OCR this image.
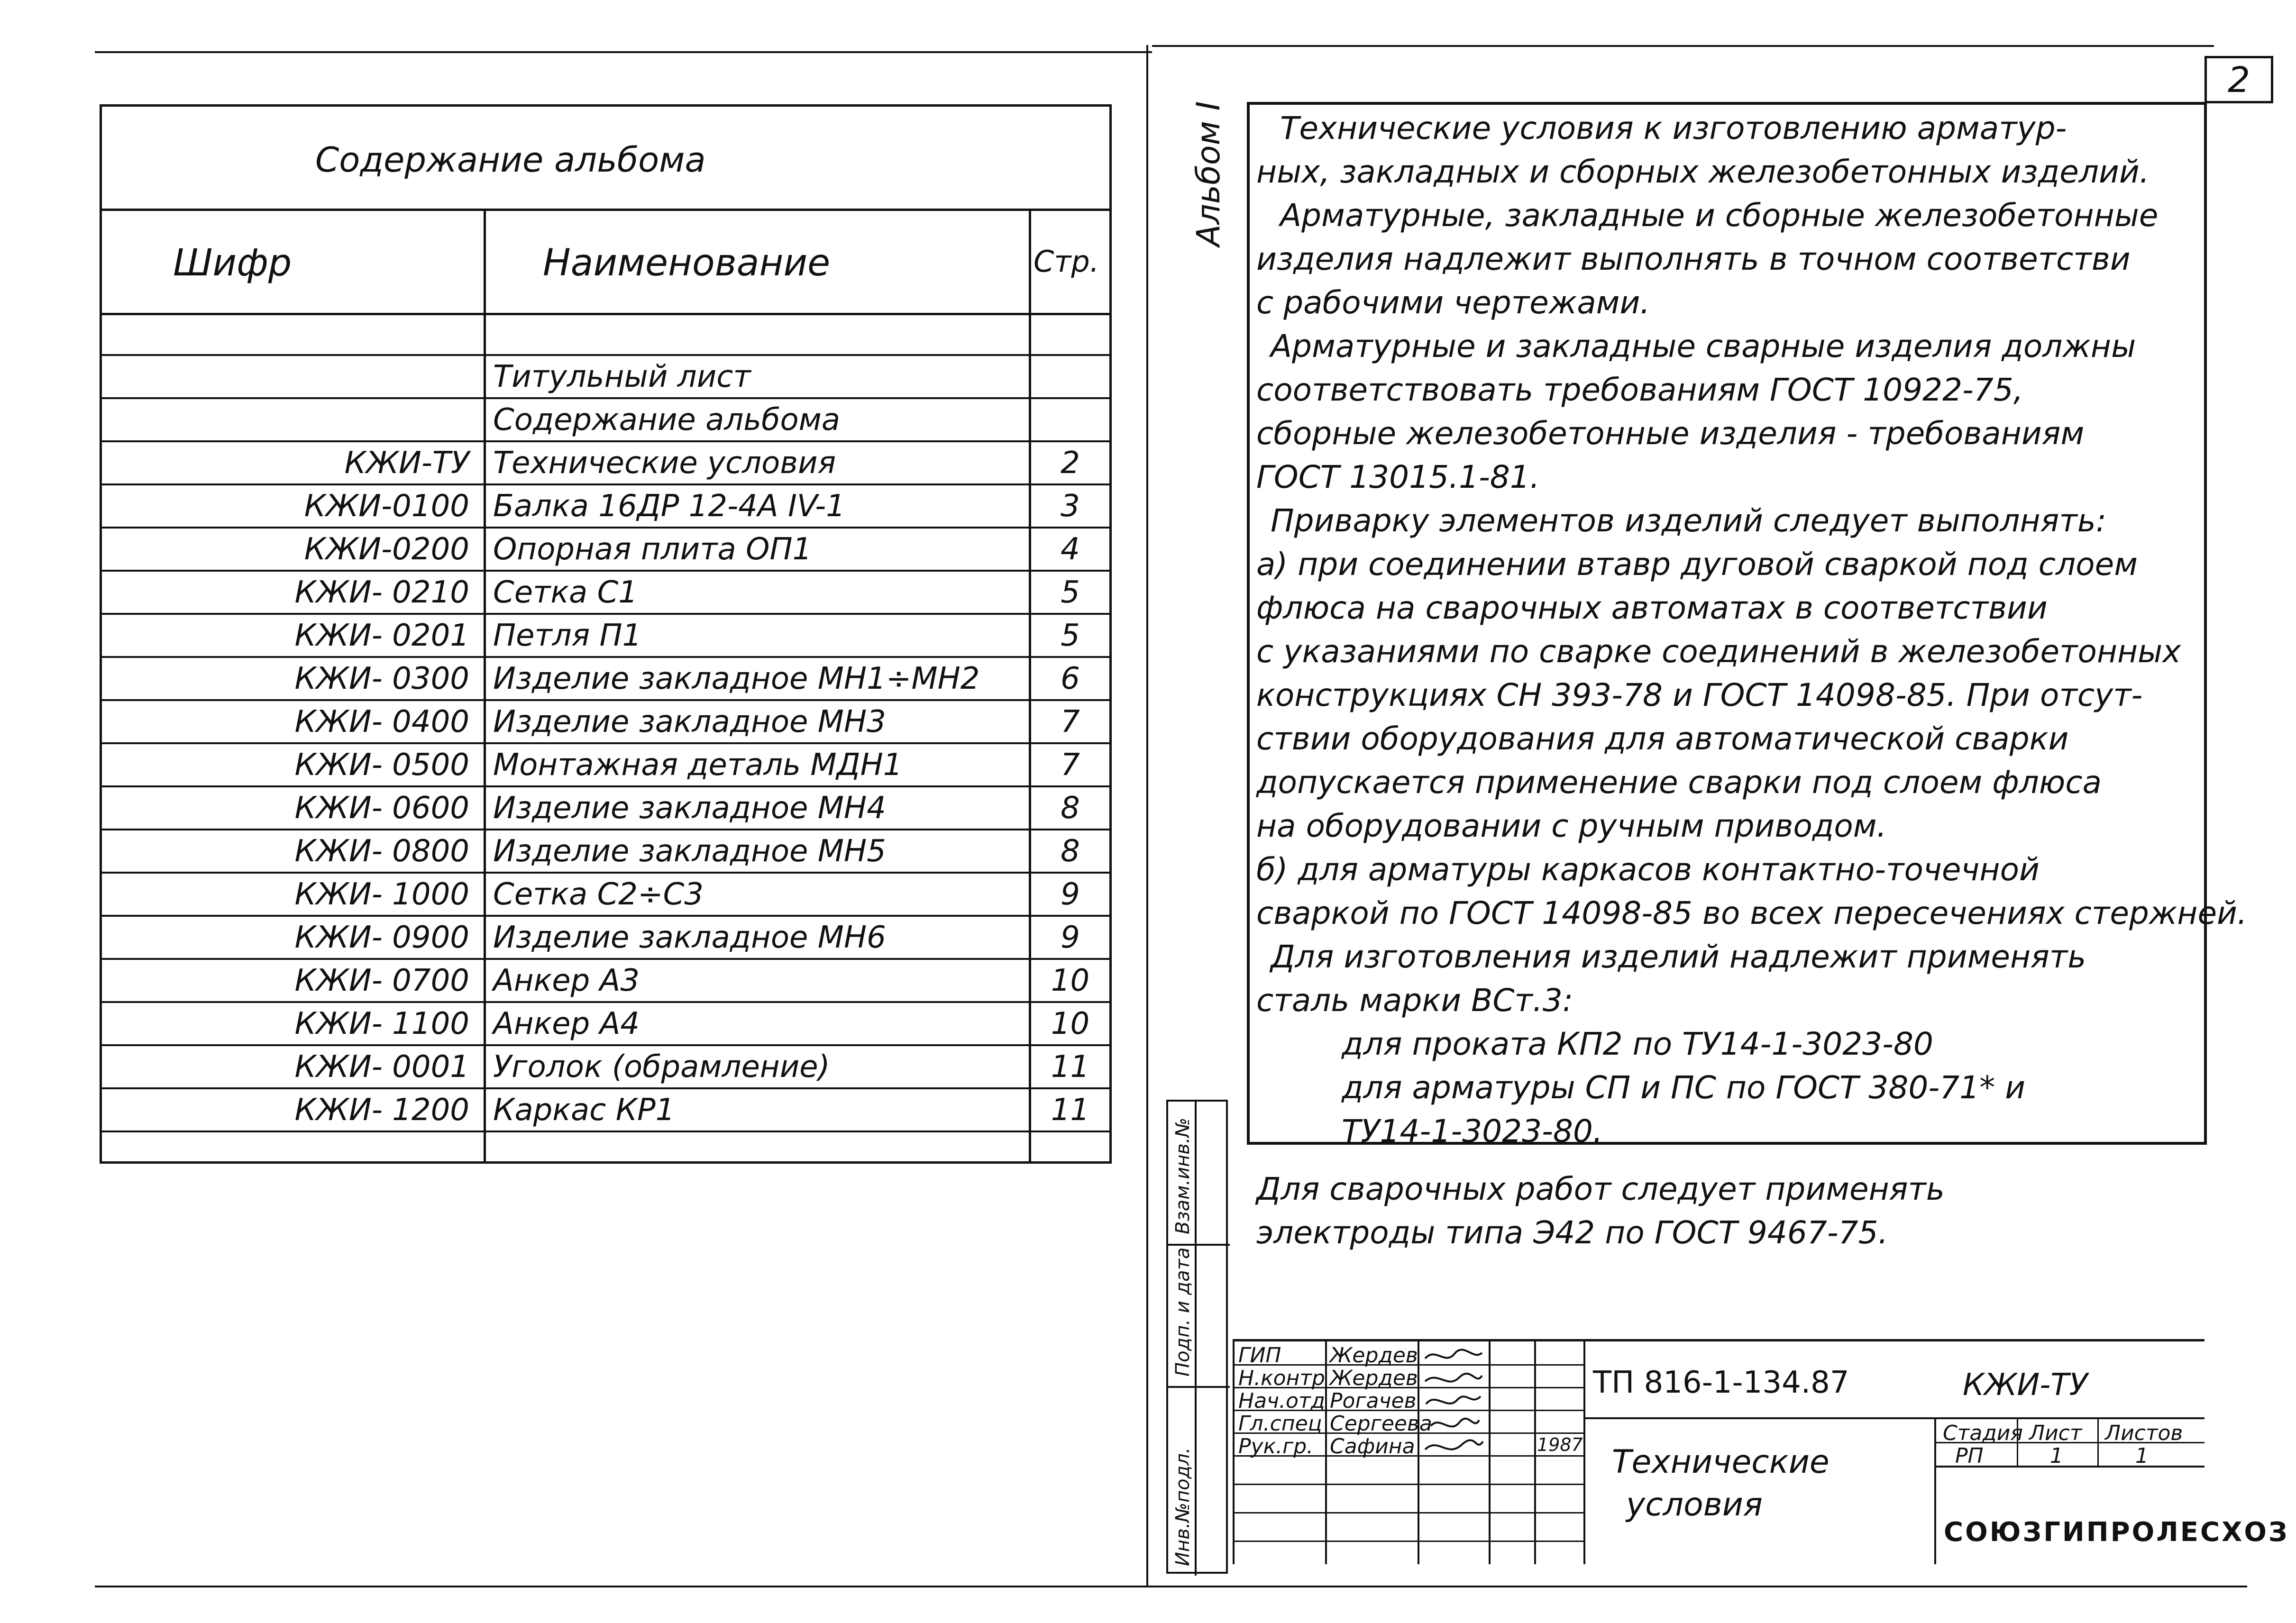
Содержание альбома
Шифр	Наименование	Стр.

	Титульный лист	
	Содержание альбома	
КЖИ-ТУ	Технические условия	2
КЖИ-0100	Балка 16ДР 12-4А IV-1	3
КЖИ-0200	Опорная плита ОП1	4
КЖИ- 0210	Сетка С1	5
КЖИ- 0201	Петля П1	5
КЖИ- 0300	Изделие закладное МН1÷МН2	6
КЖИ- 0400	Изделие закладное МН3	7
КЖИ- 0500	Монтажная деталь МДН1	7
КЖИ- 0600	Изделие закладное МН4	8
КЖИ- 0800	Изделие закладное МН5	8
КЖИ- 1000	Сетка С2÷С3	9
КЖИ- 0900	Изделие закладное МН6	9
КЖИ- 0700	Анкер А3	10
КЖИ- 1100	Анкер А4	10
КЖИ- 0001	Уголок (обрамление)	11
КЖИ- 1200	Каркас КР1	11
2
Альбом I	Технические условия к изготовлению арматур-
ных, закладных и сборных железобетонных изделий.
Арматурные, закладные и сборные железобетонные
изделия надлежит выполнять в точном соответстви
с рабочими чертежами.
Арматурные и закладные сварные изделия должны
соответствовать требованиям ГОСТ 10922-75,
сборные железобетонные изделия - требованиям
ГОСТ 13015.1-81.
Приварку элементов изделий следует выполнять:
а) при соединении втавр дуговой сваркой под слоем
флюса на сварочных автоматах в соответствии
с указаниями по сварке соединений в железобетонных
конструкциях СН 393-78 и ГОСТ 14098-85. При отсут-
ствии оборудования для автоматической сварки
допускается применение сварки под слоем флюса
на оборудовании с ручным приводом.
б) для арматуры каркасов контактно-точечной
сваркой по ГОСТ 14098-85 во всех пересечениях стержней.
Для изготовления изделий надлежит применять
сталь марки ВСт.3:
для проката КП2 по ТУ14-1-3023-80
для арматуры СП и ПС по ГОСТ 380-71* и
ТУ14-1-3023-80.
Для сварочных работ следует применять
электроды типа Э42 по ГОСТ 9467-75.
Взам.инв.№
Подп. и дата
Инв.№подл.
ГИП Жердев
Н.контр Жердев
Нач.отд Рогачев
Гл.спец Сергеева
Рук.гр. Сафина	1987
ТП 816-1-134.87	КЖИ-ТУ
Технические
условия
Стадия Лист Листов
РП	1	1
СОЮЗГИПРОЛЕСХОЗ
